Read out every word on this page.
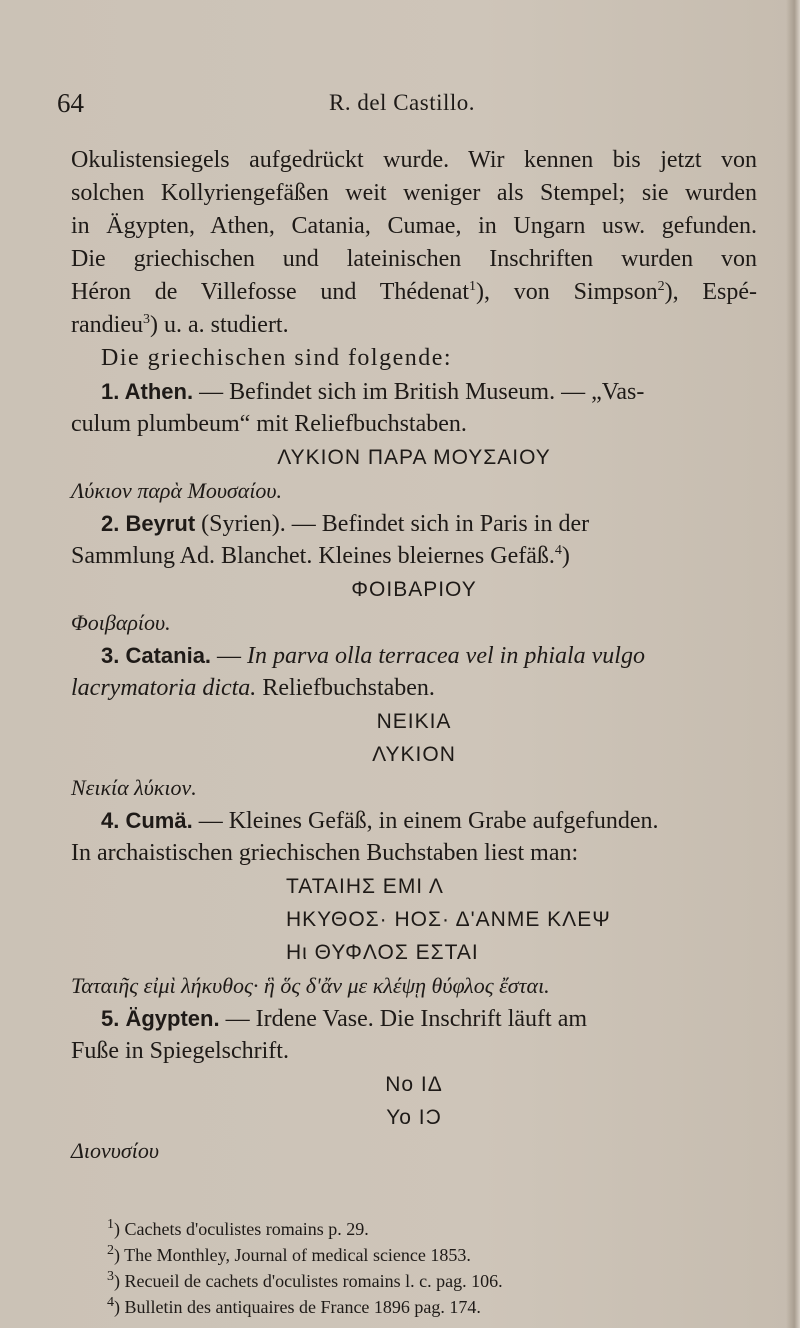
64	R. del Castillo.
Okulistensiegels aufgedrückt wurde. Wir kennen bis jetzt von
solchen Kollyriengefäßen weit weniger als Stempel; sie wurden
in Ägypten, Athen, Catania, Cumae, in Ungarn usw. gefunden.
Die griechischen und lateinischen Inschriften wurden von
Héron de Villefosse und Thédenat$^1$), von Simpson$^2$), Espé-
randieu$^3$) u. a. studiert.
Die griechischen sind folgende:
1. Athen. — Befindet sich im British Museum. — „Vas-
culum plumbeum“ mit Reliefbuchstaben.
ΛΥΚΙΟΝ ΠΑΡΑ ΜΟΥΣΑΙΟΥ
Λύκιον παρὰ Μουσαίου.
2. Beyrut (Syrien). — Befindet sich in Paris in der
Sammlung Ad. Blanchet. Kleines bleiernes Gefäß.$^4$)
ΦΟΙΒΑΡΙΟΥ
Φοιβαρίου.
3. Catania. — In parva olla terracea vel in phiala vulgo
lacrymatoria dicta. Reliefbuchstaben.
ΝΕΙΚΙΑ
ΛΥΚΙΟΝ
Νεικία λύκιον.
4. Cumä. — Kleines Gefäß, in einem Grabe aufgefunden.
In archaistischen griechischen Buchstaben liest man:
ΤΑΤΑΙΗΣ ΕΜΙ Λ
ΗΚΥΘΟΣ· ΗΟΣ· Δ'ΑΝΜΕ ΚΛΕΨ
Ηι ΘΥΦΛΟΣ ΕΣΤΑΙ
Ταταιῆς εἰμὶ λήκυθος· ἣ ὅς δ'ἄν με κλέψῃ θύφλος ἔσται.
5. Ägypten. — Irdene Vase. Die Inschrift läuft am
Fuße in Spiegelschrift.
Νο ΙΔ
Υο ΙϽ
Διονυσίου
$^1$) Cachets d'oculistes romains p. 29.
$^2$) The Monthley, Journal of medical science 1853.
$^3$) Recueil de cachets d'oculistes romains l. c. pag. 106.
$^4$) Bulletin des antiquaires de France 1896 pag. 174.
